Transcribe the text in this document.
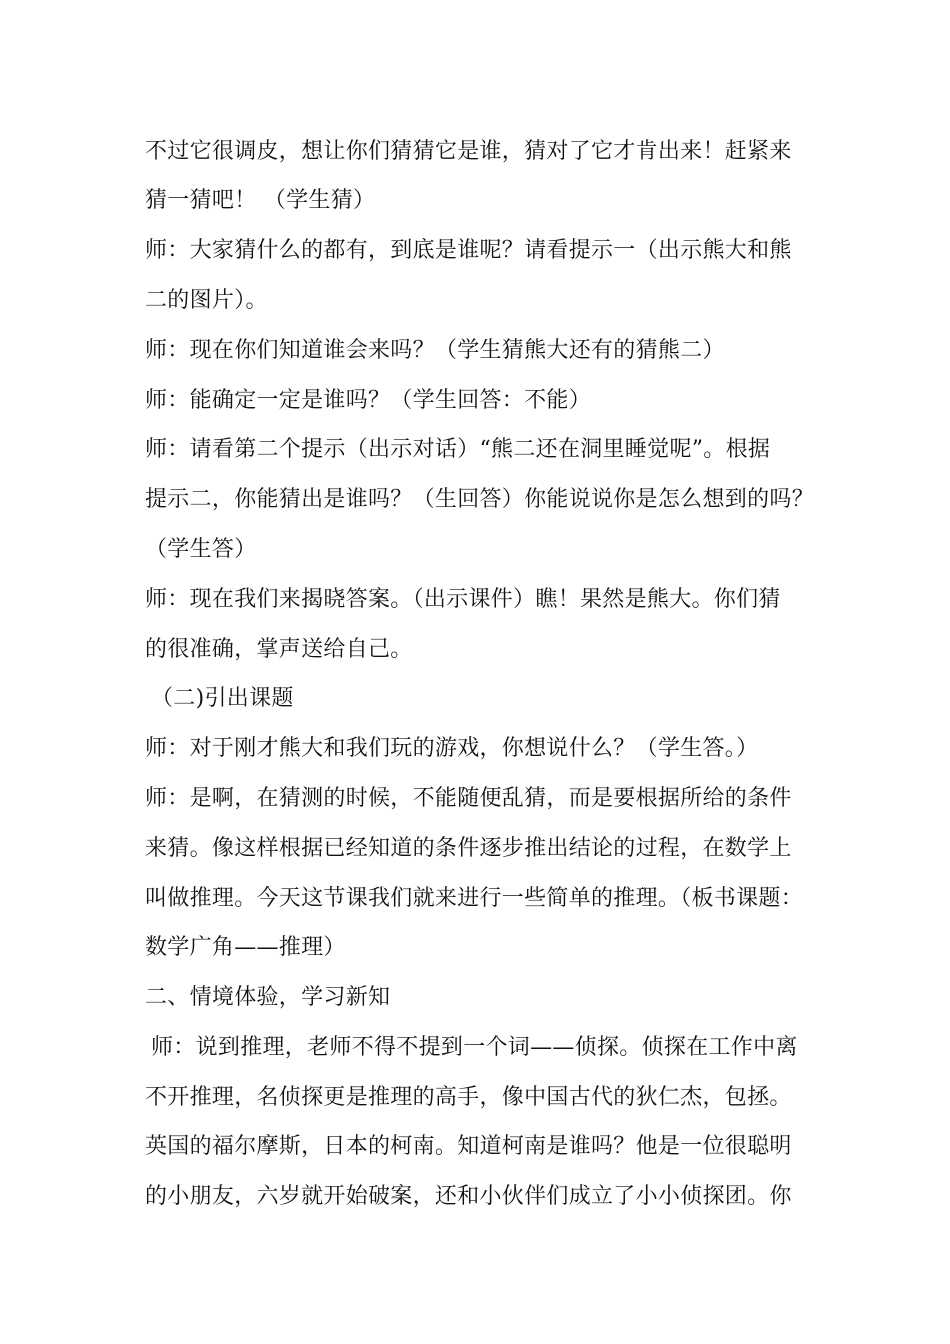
不过它很调皮，想让你们猜猜它是谁，猜对了它才肯出来！赶紧来
猜一猜吧！ （学生猜）
师：大家猜什么的都有，到底是谁呢？请看提示一（出示熊大和熊
二的图片）。
师：现在你们知道谁会来吗？（学生猜熊大还有的猜熊二）
师：能确定一定是谁吗？（学生回答：不能）
师：请看第二个提示（出示对话）“熊二还在洞里睡觉呢”。根据
提示二，你能猜出是谁吗？（生回答）你能说说你是怎么想到的吗？
（学生答）
师：现在我们来揭晓答案。（出示课件）瞧！果然是熊大。你们猜
的很准确，掌声送给自己。
（二)引出课题
师：对于刚才熊大和我们玩的游戏，你想说什么？（学生答。）
师：是啊，在猜测的时候，不能随便乱猜，而是要根据所给的条件
来猜。像这样根据已经知道的条件逐步推出结论的过程，在数学上
叫做推理。今天这节课我们就来进行一些简单的推理。（板书课题：
数学广角——推理）
二、情境体验，学习新知
师：说到推理，老师不得不提到一个词——侦探。侦探在工作中离
不开推理，名侦探更是推理的高手，像中国古代的狄仁杰，包拯。
英国的福尔摩斯，日本的柯南。知道柯南是谁吗？他是一位很聪明
的小朋友，六岁就开始破案，还和小伙伴们成立了小小侦探团。你
